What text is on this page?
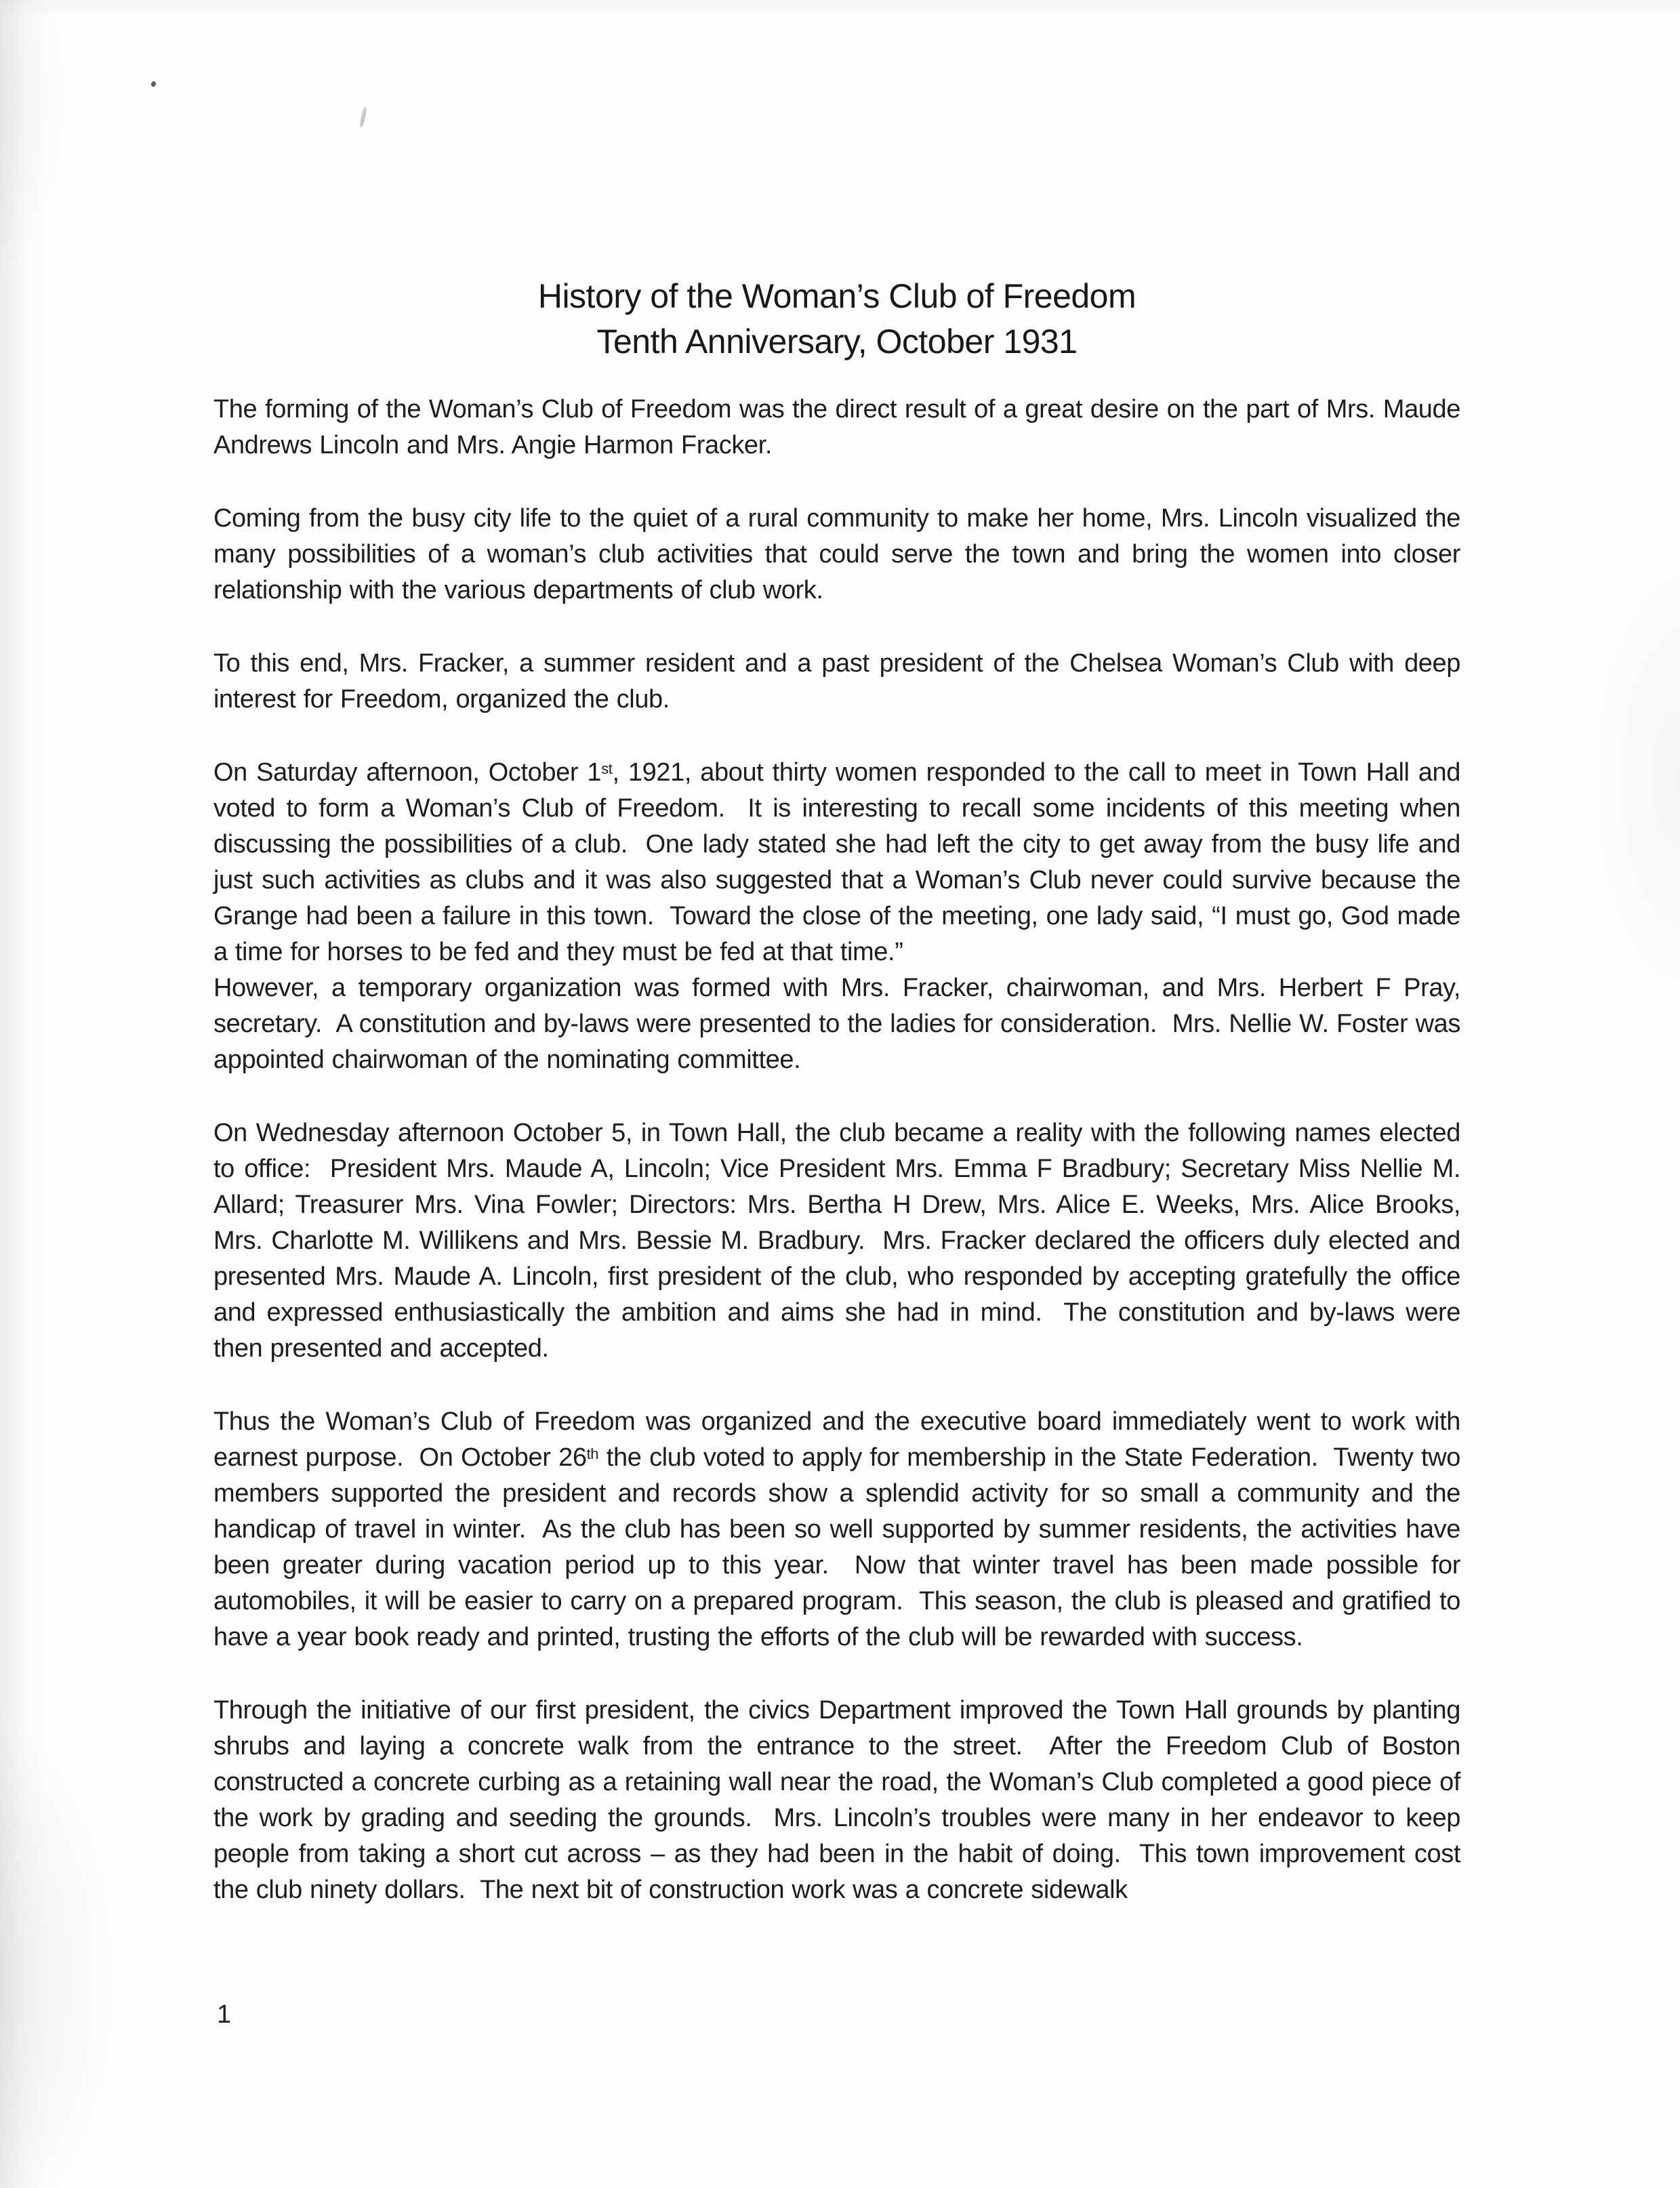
History of the Woman’s Club of Freedom
Tenth Anniversary, October 1931

The forming of the Woman’s Club of Freedom was the direct result of a great desire on the part of Mrs. Maude Andrews Lincoln and Mrs. Angie Harmon Fracker.

Coming from the busy city life to the quiet of a rural community to make her home, Mrs. Lincoln visualized the many possibilities of a woman’s club activities that could serve the town and bring the women into closer relationship with the various departments of club work.

To this end, Mrs. Fracker, a summer resident and a past president of the Chelsea Woman’s Club with deep interest for Freedom, organized the club.

On Saturday afternoon, October 1st, 1921, about thirty women responded to the call to meet in Town Hall and voted to form a Woman’s Club of Freedom.  It is interesting to recall some incidents of this meeting when discussing the possibilities of a club.  One lady stated she had left the city to get away from the busy life and just such activities as clubs and it was also suggested that a Woman’s Club never could survive because the Grange had been a failure in this town.  Toward the close of the meeting, one lady said, “I must go, God made a time for horses to be fed and they must be fed at that time.”
However, a temporary organization was formed with Mrs. Fracker, chairwoman, and Mrs. Herbert F Pray, secretary.  A constitution and by-laws were presented to the ladies for consideration.  Mrs. Nellie W. Foster was appointed chairwoman of the nominating committee.

On Wednesday afternoon October 5, in Town Hall, the club became a reality with the following names elected to office:  President Mrs. Maude A, Lincoln; Vice President Mrs. Emma F Bradbury; Secretary Miss Nellie M. Allard; Treasurer Mrs. Vina Fowler; Directors: Mrs. Bertha H Drew, Mrs. Alice E. Weeks, Mrs. Alice Brooks, Mrs. Charlotte M. Willikens and Mrs. Bessie M. Bradbury.  Mrs. Fracker declared the officers duly elected and presented Mrs. Maude A. Lincoln, first president of the club, who responded by accepting gratefully the office and expressed enthusiastically the ambition and aims she had in mind.  The constitution and by-laws were then presented and accepted.

Thus the Woman’s Club of Freedom was organized and the executive board immediately went to work with earnest purpose.  On October 26th the club voted to apply for membership in the State Federation.  Twenty two members supported the president and records show a splendid activity for so small a community and the handicap of travel in winter.  As the club has been so well supported by summer residents, the activities have been greater during vacation period up to this year.  Now that winter travel has been made possible for automobiles, it will be easier to carry on a prepared program.  This season, the club is pleased and gratified to have a year book ready and printed, trusting the efforts of the club will be rewarded with success.

Through the initiative of our first president, the civics Department improved the Town Hall grounds by planting shrubs and laying a concrete walk from the entrance to the street.  After the Freedom Club of Boston constructed a concrete curbing as a retaining wall near the road, the Woman’s Club completed a good piece of the work by grading and seeding the grounds.  Mrs. Lincoln’s troubles were many in her endeavor to keep people from taking a short cut across – as they had been in the habit of doing.  This town improvement cost the club ninety dollars.  The next bit of construction work was a concrete sidewalk

1
